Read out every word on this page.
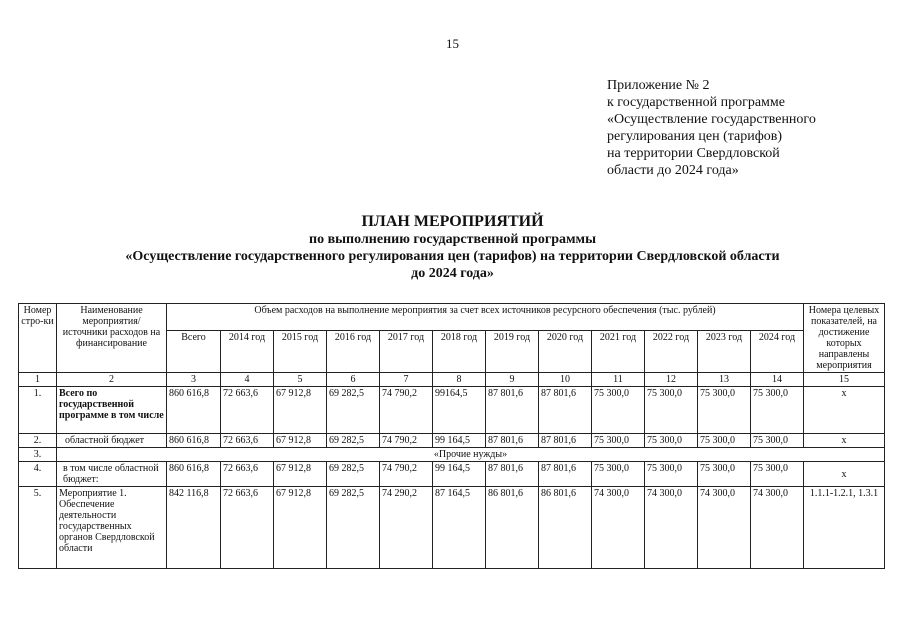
15
Приложение № 2
к государственной программе
«Осуществление государственного
регулирования цен (тарифов)
на территории Свердловской
области до 2024 года»
ПЛАН МЕРОПРИЯТИЙ
по выполнению государственной программы
«Осуществление государственного регулирования цен (тарифов) на территории Свердловской области
до 2024 года»
Номер стро-ки	Наименование мероприятия/ источники расходов на финансирование	Объем расходов на выполнение мероприятия за счет всех источников ресурсного обеспечения (тыс. рублей)												Номера целевых показателей, на достижение которых направлены мероприятия
		Всего	2014 год	2015 год	2016 год	2017 год	2018 год	2019 год	2020 год	2021 год	2022 год	2023 год	2024 год	
1	2	3	4	5	6	7	8	9	10	11	12	13	14	15
1.	Всего по государственной программе в том числе	860 616,8	72 663,6	67 912,8	69 282,5	74 790,2	99164,5	87 801,6	87 801,6	75 300,0	75 300,0	75 300,0	75 300,0	х
2.	областной бюджет	860 616,8	72 663,6	67 912,8	69 282,5	74 790,2	99 164,5	87 801,6	87 801,6	75 300,0	75 300,0	75 300,0	75 300,0	х
3.	«Прочие нужды»													
4.	в том числе областной бюджет:	860 616,8	72 663,6	67 912,8	69 282,5	74 790,2	99 164,5	87 801,6	87 801,6	75 300,0	75 300,0	75 300,0	75 300,0	х
5.	Мероприятие 1. Обеспечение деятельности государственных органов Свердловской области	842 116,8	72 663,6	67 912,8	69 282,5	74 290,2	87 164,5	86 801,6	86 801,6	74 300,0	74 300,0	74 300,0	74 300,0	1.1.1-1.2.1, 1.3.1
